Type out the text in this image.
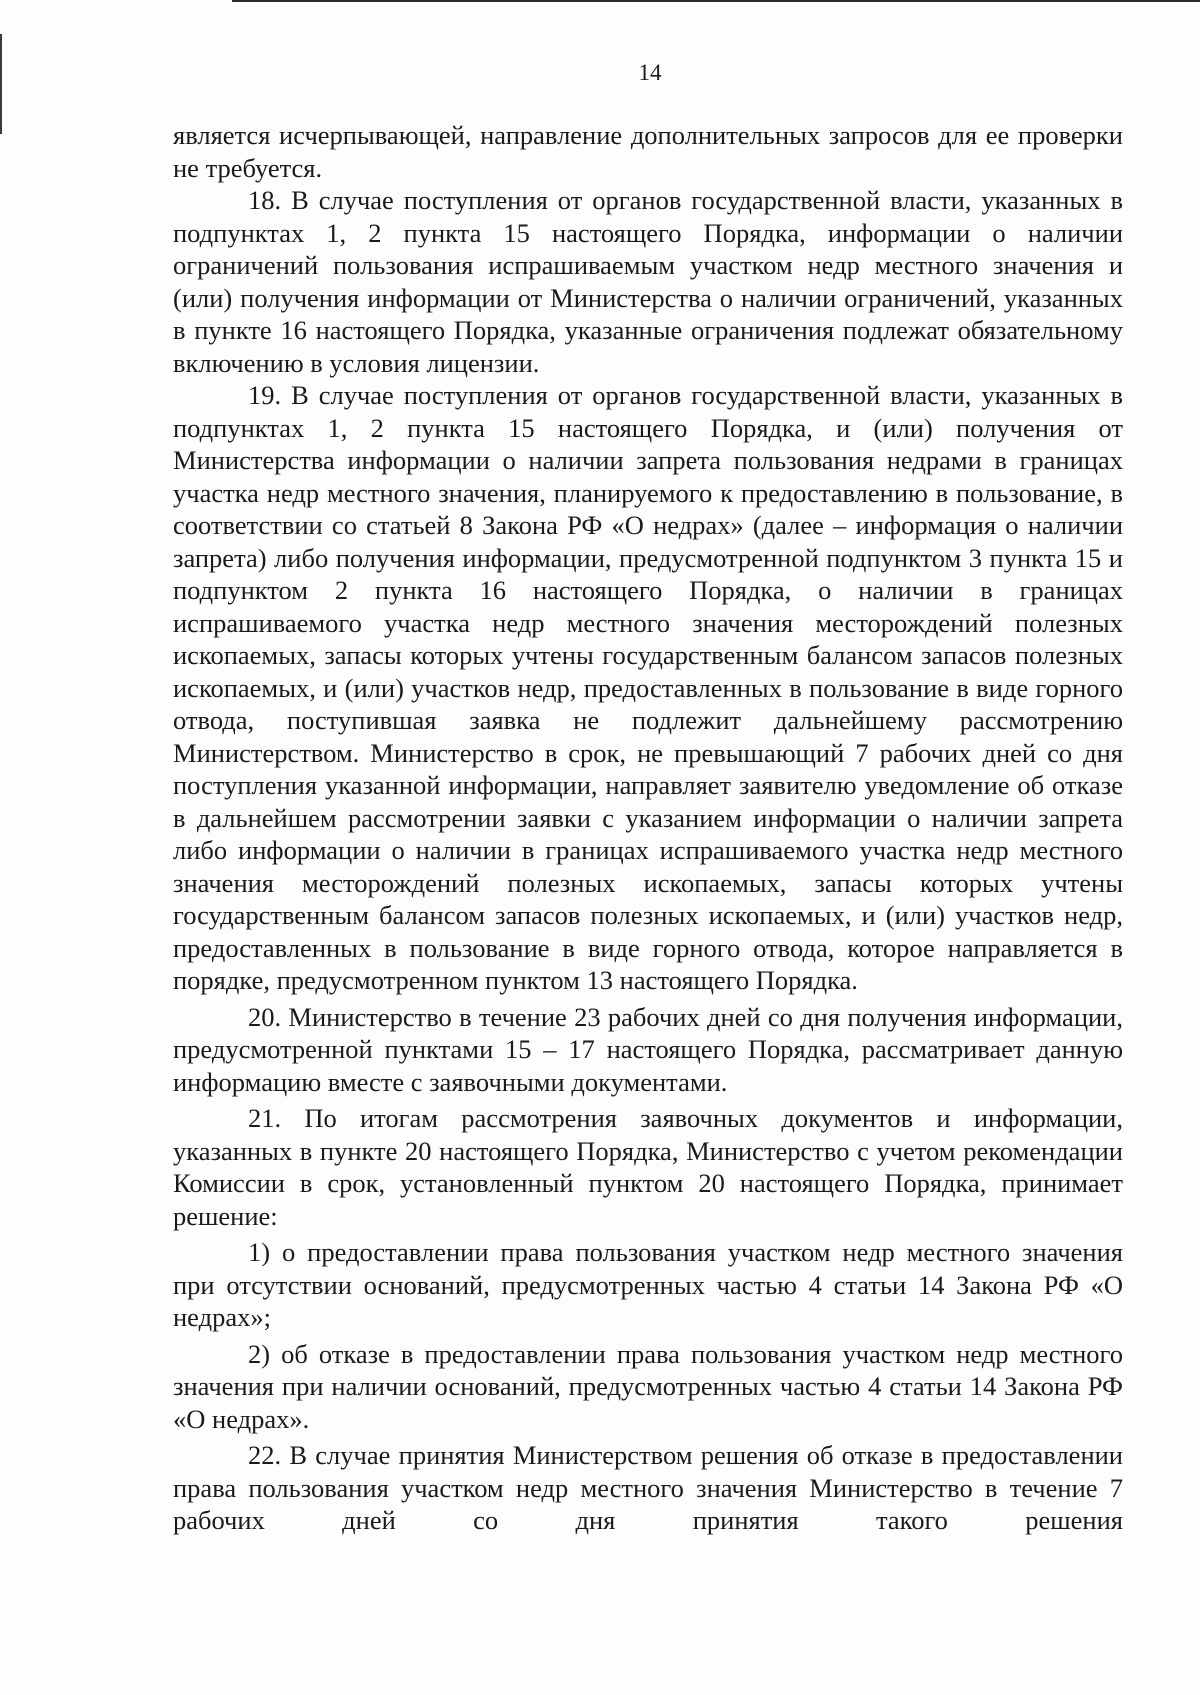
14

является исчерпывающей, направление дополнительных запросов для ее проверки не требуется.

18. В случае поступления от органов государственной власти, указанных в подпунктах 1, 2 пункта 15 настоящего Порядка, информации о наличии ограничений пользования испрашиваемым участком недр местного значения и (или) получения информации от Министерства о наличии ограничений, указанных в пункте 16 настоящего Порядка, указанные ограничения подлежат обязательному включению в условия лицензии.

19. В случае поступления от органов государственной власти, указанных в подпунктах 1, 2 пункта 15 настоящего Порядка, и (или) получения от Министерства информации о наличии запрета пользования недрами в границах участка недр местного значения, планируемого к предоставлению в пользование, в соответствии со статьей 8 Закона РФ «О недрах» (далее – информация о наличии запрета) либо получения информации, предусмотренной подпунктом 3 пункта 15 и подпунктом 2 пункта 16 настоящего Порядка, о наличии в границах испрашиваемого участка недр местного значения месторождений полезных ископаемых, запасы которых учтены государственным балансом запасов полезных ископаемых, и (или) участков недр, предоставленных в пользование в виде горного отвода, поступившая заявка не подлежит дальнейшему рассмотрению Министерством. Министерство в срок, не превышающий 7 рабочих дней со дня поступления указанной информации, направляет заявителю уведомление об отказе в дальнейшем рассмотрении заявки с указанием информации о наличии запрета либо информации о наличии в границах испрашиваемого участка недр местного значения месторождений полезных ископаемых, запасы которых учтены государственным балансом запасов полезных ископаемых, и (или) участков недр, предоставленных в пользование в виде горного отвода, которое направляется в порядке, предусмотренном пунктом 13 настоящего Порядка.

20. Министерство в течение 23 рабочих дней со дня получения информации, предусмотренной пунктами 15 – 17 настоящего Порядка, рассматривает данную информацию вместе с заявочными документами.

21. По итогам рассмотрения заявочных документов и информации, указанных в пункте 20 настоящего Порядка, Министерство с учетом рекомендации Комиссии в срок, установленный пунктом 20 настоящего Порядка, принимает решение:

1) о предоставлении права пользования участком недр местного значения при отсутствии оснований, предусмотренных частью 4 статьи 14 Закона РФ «О недрах»;

2) об отказе в предоставлении права пользования участком недр местного значения при наличии оснований, предусмотренных частью 4 статьи 14 Закона РФ «О недрах».

22. В случае принятия Министерством решения об отказе в предоставлении права пользования участком недр местного значения Министерство в течение 7 рабочих дней со дня принятия такого решения
